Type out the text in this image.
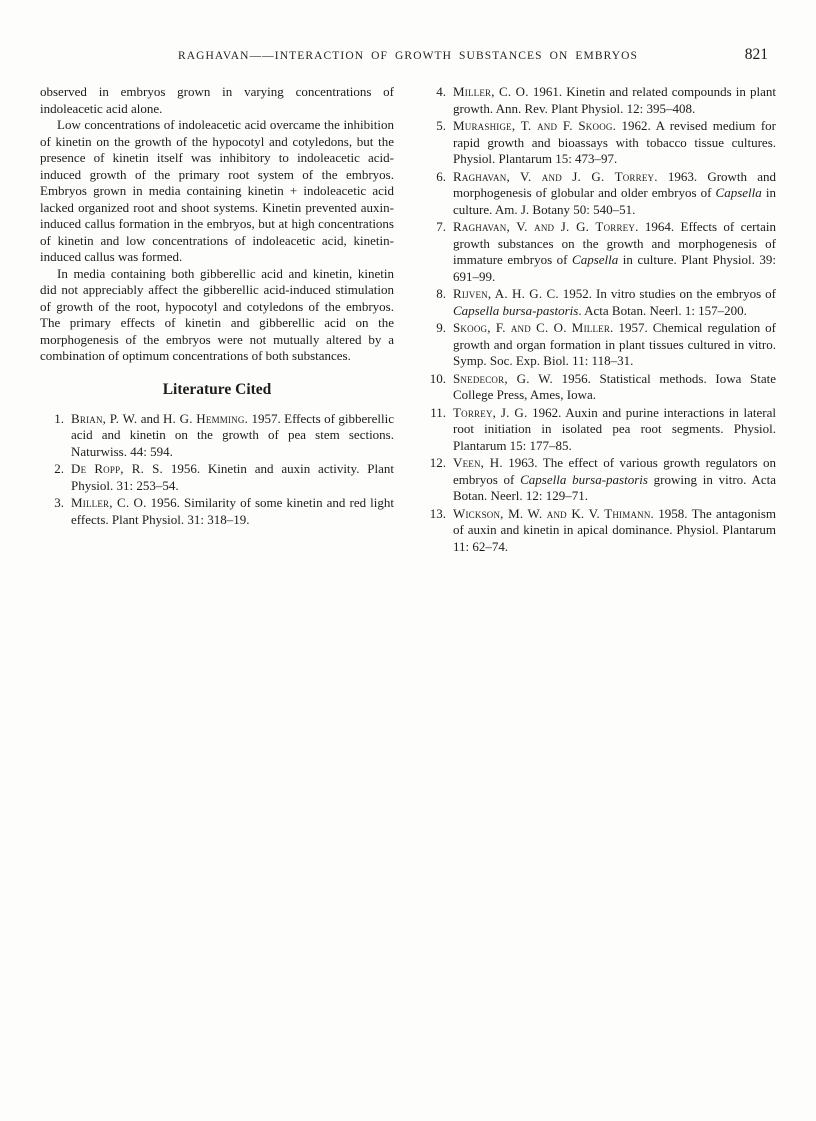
RAGHAVAN——INTERACTION OF GROWTH SUBSTANCES ON EMBRYOS	821

observed in embryos grown in varying concentrations of indoleacetic acid alone.

Low concentrations of indoleacetic acid overcame the inhibition of kinetin on the growth of the hypocotyl and cotyledons, but the presence of kinetin itself was inhibitory to indoleacetic acid-induced growth of the primary root system of the embryos. Embryos grown in media containing kinetin + indoleacetic acid lacked organized root and shoot systems. Kinetin prevented auxin-induced callus formation in the embryos, but at high concentrations of kinetin and low concentrations of indoleacetic acid, kinetin-induced callus was formed.

In media containing both gibberellic acid and kinetin, kinetin did not appreciably affect the gibberellic acid-induced stimulation of growth of the root, hypocotyl and cotyledons of the embryos. The primary effects of kinetin and gibberellic acid on the morphogenesis of the embryos were not mutually altered by a combination of optimum concentrations of both substances.

Literature Cited
1. Brian, P. W. and H. G. Hemming. 1957. Effects of gibberellic acid and kinetin on the growth of pea stem sections. Naturwiss. 44: 594.
2. De Ropp, R. S. 1956. Kinetin and auxin activity. Plant Physiol. 31: 253–54.
3. Miller, C. O. 1956. Similarity of some kinetin and red light effects. Plant Physiol. 31: 318–19.
4. Miller, C. O. 1961. Kinetin and related compounds in plant growth. Ann. Rev. Plant Physiol. 12: 395–408.
5. Murashige, T. and F. Skoog. 1962. A revised medium for rapid growth and bioassays with tobacco tissue cultures. Physiol. Plantarum 15: 473–97.
6. Raghavan, V. and J. G. Torrey. 1963. Growth and morphogenesis of globular and older embryos of Capsella in culture. Am. J. Botany 50: 540–51.
7. Raghavan, V. and J. G. Torrey. 1964. Effects of certain growth substances on the growth and morphogenesis of immature embryos of Capsella in culture. Plant Physiol. 39: 691–99.
8. Rijven, A. H. G. C. 1952. In vitro studies on the embryos of Capsella bursa-pastoris. Acta Botan. Neerl. 1: 157–200.
9. Skoog, F. and C. O. Miller. 1957. Chemical regulation of growth and organ formation in plant tissues cultured in vitro. Symp. Soc. Exp. Biol. 11: 118–31.
10. Snedecor, G. W. 1956. Statistical methods. Iowa State College Press, Ames, Iowa.
11. Torrey, J. G. 1962. Auxin and purine interactions in lateral root initiation in isolated pea root segments. Physiol. Plantarum 15: 177–85.
12. Veen, H. 1963. The effect of various growth regulators on embryos of Capsella bursa-pastoris growing in vitro. Acta Botan. Neerl. 12: 129–71.
13. Wickson, M. W. and K. V. Thimann. 1958. The antagonism of auxin and kinetin in apical dominance. Physiol. Plantarum 11: 62–74.
